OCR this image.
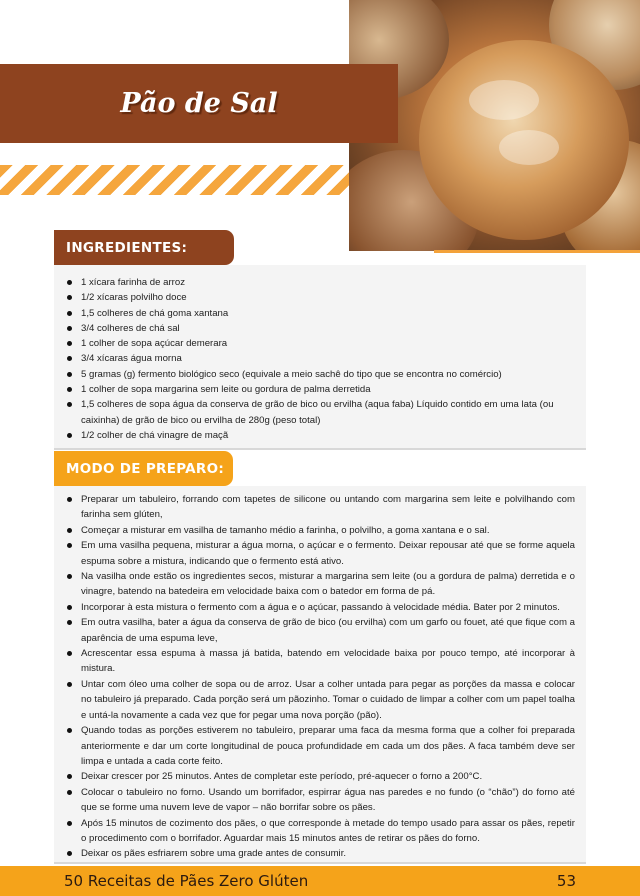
Pão de Sal
INGREDIENTES:
1 xícara farinha de arroz
1/2 xícaras polvilho doce
1,5 colheres de chá goma xantana
3/4 colheres de chá sal
1 colher de sopa açúcar demerara
3/4 xícaras água morna
5 gramas (g) fermento biológico seco (equivale a meio sachê do tipo que se encontra no comércio)
1 colher de sopa margarina sem leite ou gordura de palma derretida
1,5 colheres de sopa água da conserva de grão de bico ou ervilha (aqua faba) Líquido contido em uma lata (ou caixinha) de grão de bico ou ervilha de 280g (peso total)
1/2 colher de chá vinagre de maçã
MODO DE PREPARO:
Preparar um tabuleiro, forrando com tapetes de silicone ou untando com margarina sem leite e polvilhando com farinha sem glúten,
Começar a misturar em vasilha de tamanho médio a farinha, o polvilho, a goma xantana e o sal.
Em uma vasilha pequena, misturar a água morna, o açúcar e o fermento. Deixar repousar até que se forme aquela espuma sobre a mistura, indicando que o fermento está ativo.
Na vasilha onde estão os ingredientes secos, misturar a margarina sem leite (ou a gordura de palma) derretida e o vinagre, batendo na batedeira em velocidade baixa com o batedor em forma de pá.
Incorporar à esta mistura o fermento com a água e o açúcar, passando à velocidade média. Bater por 2 minutos.
Em outra vasilha, bater a água da conserva de grão de bico (ou ervilha) com um garfo ou fouet, até que fique com a aparência de uma espuma leve,
Acrescentar essa espuma à massa já batida, batendo em velocidade baixa por pouco tempo, até incorporar à mistura.
Untar com óleo uma colher de sopa ou de arroz. Usar a colher untada para pegar as porções da massa e colocar no tabuleiro já preparado. Cada porção será um pãozinho. Tomar o cuidado de limpar a colher com um papel toalha e untá-la novamente a cada vez que for pegar uma nova porção (pão).
Quando todas as porções estiverem no tabuleiro, preparar uma faca da mesma forma que a colher foi preparada anteriormente e dar um corte longitudinal de pouca profundidade em cada um dos pães. A faca também deve ser limpa e untada a cada corte feito.
Deixar crescer por 25 minutos. Antes de completar este período, pré-aquecer o forno a 200°C.
Colocar o tabuleiro no forno. Usando um borrifador, espirrar água nas paredes e no fundo (o “chão”) do forno até que se forme uma nuvem leve de vapor – não borrifar sobre os pães.
Após 15 minutos de cozimento dos pães, o que corresponde à metade do tempo usado para assar os pães, repetir o procedimento com o borrifador. Aguardar mais 15 minutos antes de retirar os pães do forno.
Deixar os pães esfriarem sobre uma grade antes de consumir.
50 Receitas de Pães Zero Glúten	53
